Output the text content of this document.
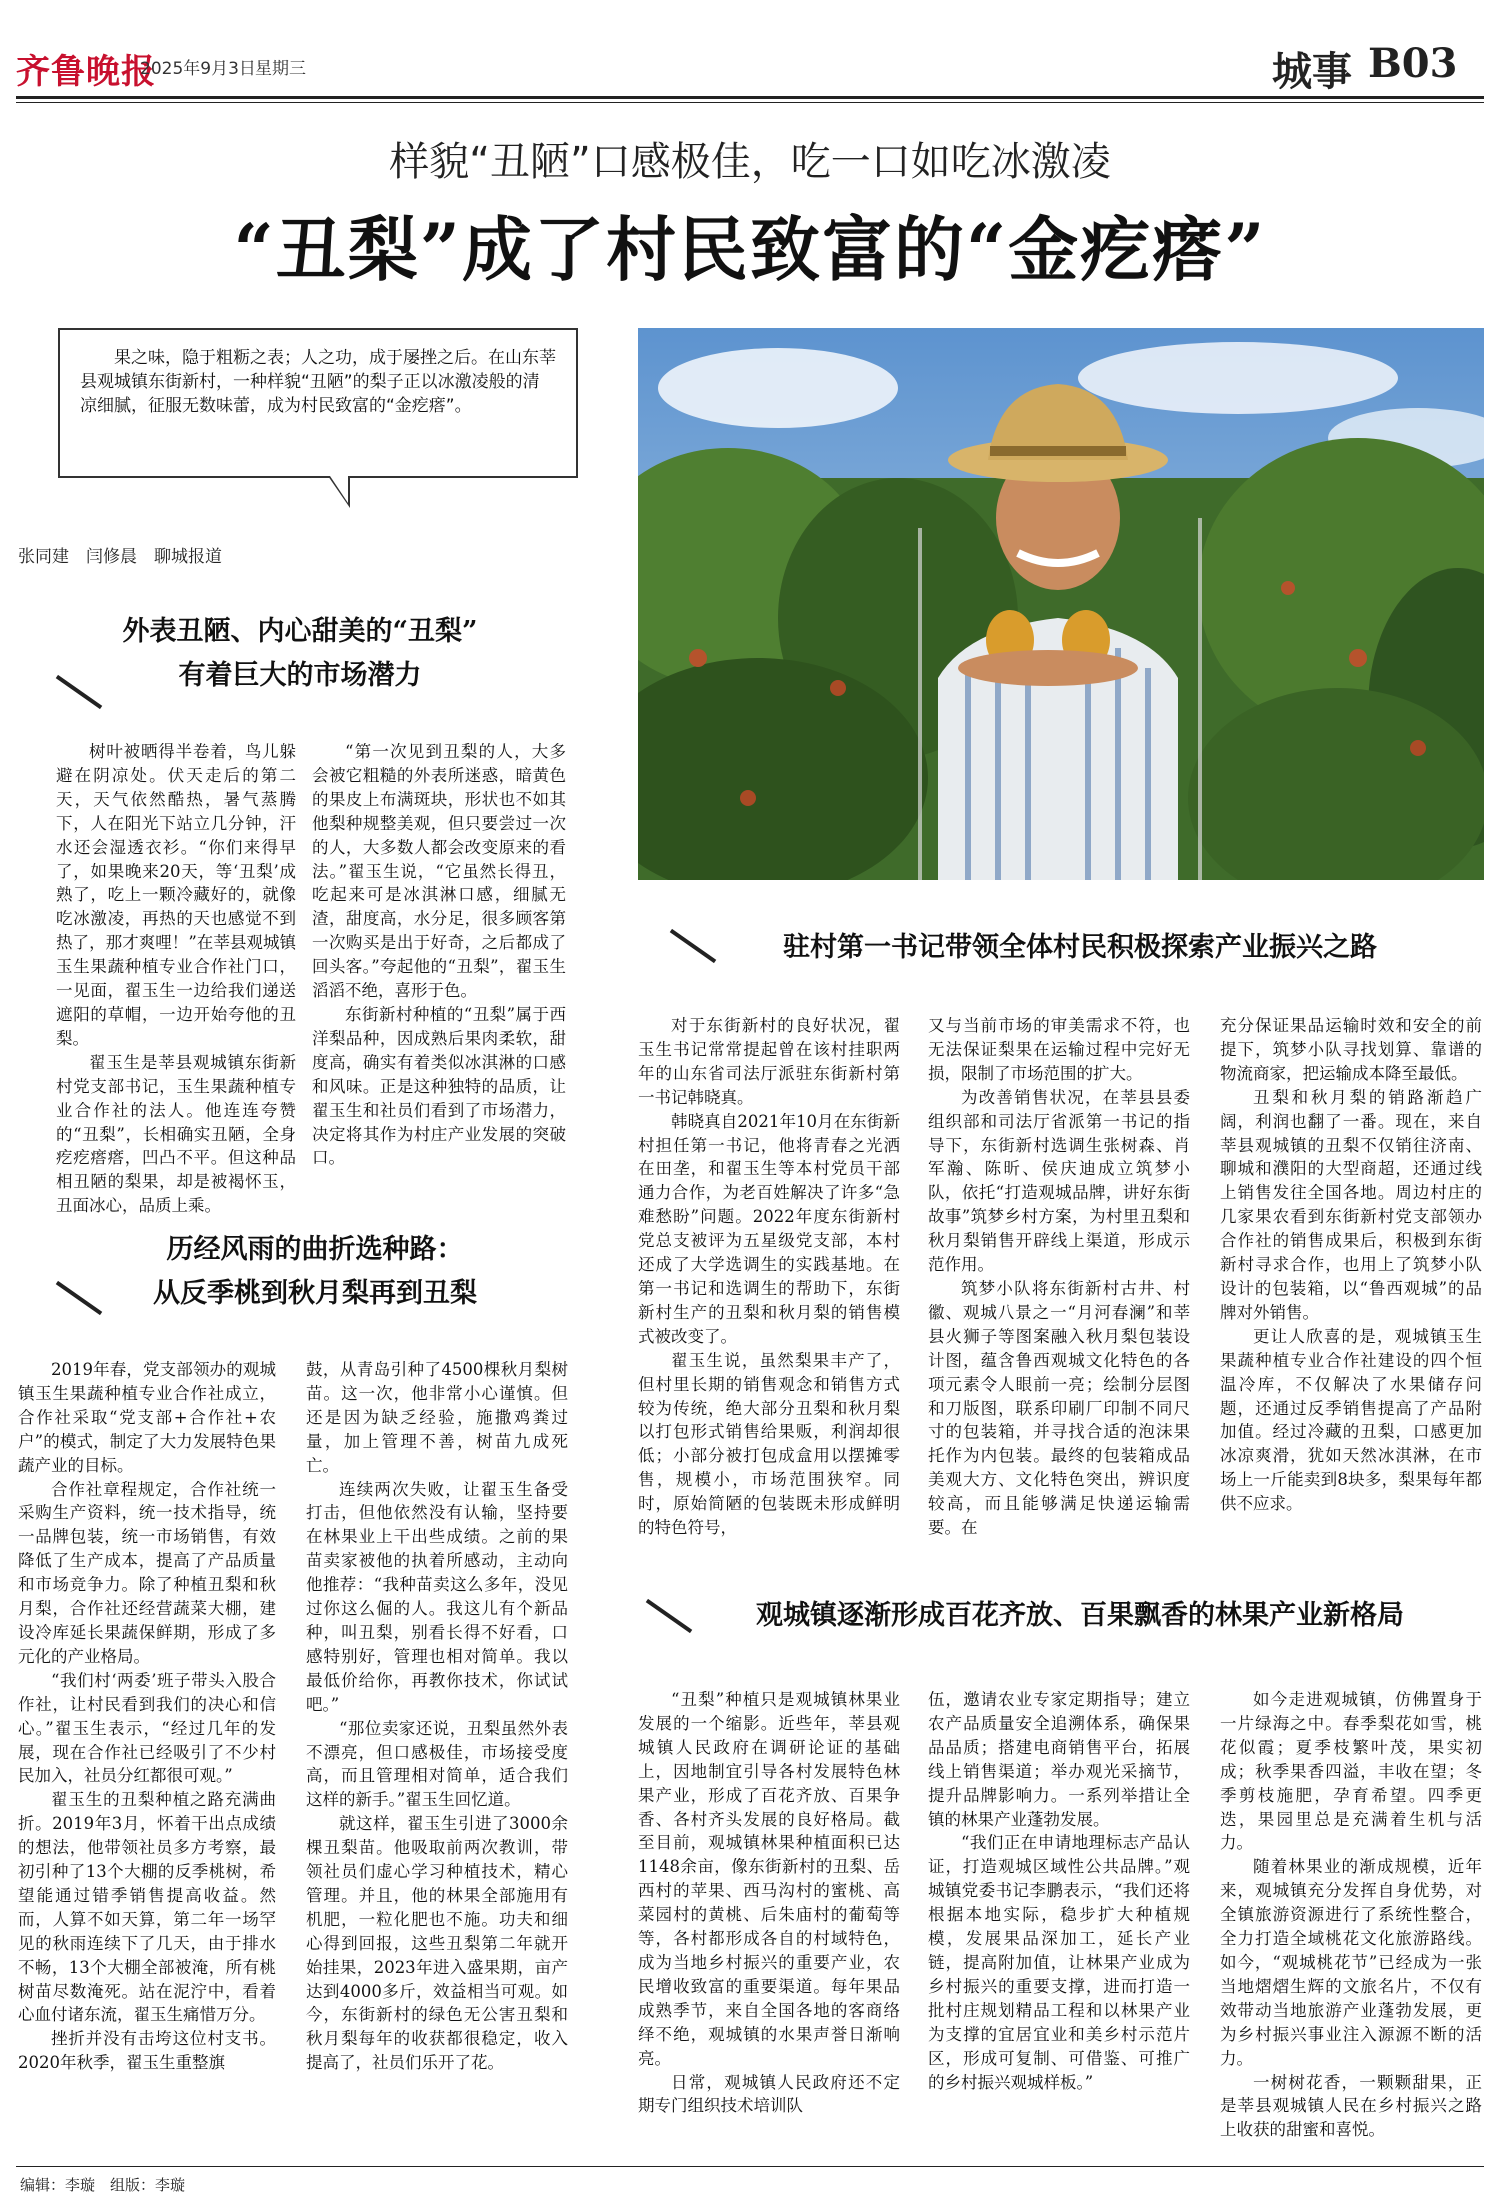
齐鲁晚报
2025年9月3日 星期三	城事 B03
样貌“丑陋”口感极佳，吃一口如吃冰激凌
“丑梨”成了村民致富的“金疙瘩”
果之味，隐于粗粝之表；人之功，成于屡挫之后。在山东莘县观城镇东街新村，一种样貌“丑陋”的梨子正以冰激凌般的清凉细腻，征服无数味蕾，成为村民致富的“金疙瘩”。
张同建　闫修晨　聊城报道
外表丑陋、内心甜美的“丑梨”
有着巨大的市场潜力

树叶被晒得半卷着，鸟儿躲避在阴凉处。伏天走后的第二天，天气依然酷热，暑气蒸腾下，人在阳光下站立几分钟，汗水还会湿透衣衫。“你们来得早了，如果晚来20天，等‘丑梨’成熟了，吃上一颗冷藏好的，就像吃冰激凌，再热的天也感觉不到热了，那才爽哩！”在莘县观城镇玉生果蔬种植专业合作社门口，一见面，翟玉生一边给我们递送遮阳的草帽，一边开始夸他的丑梨。

翟玉生是莘县观城镇东街新村党支部书记，玉生果蔬种植专业合作社的法人。他连连夸赞的“丑梨”，长相确实丑陋，全身疙疙瘩瘩，凹凸不平。但这种品相丑陋的梨果，却是被褐怀玉，丑面冰心，品质上乘。

“第一次见到丑梨的人，大多会被它粗糙的外表所迷惑，暗黄色的果皮上布满斑块，形状也不如其他梨种规整美观，但只要尝过一次的人，大多数人都会改变原来的看法。”翟玉生说，“它虽然长得丑，吃起来可是冰淇淋口感，细腻无渣，甜度高，水分足，很多顾客第一次购买是出于好奇，之后都成了回头客。”夸起他的“丑梨”，翟玉生滔滔不绝，喜形于色。

东街新村种植的“丑梨”属于西洋梨品种，因成熟后果肉柔软，甜度高，确实有着类似冰淇淋的口感和风味。正是这种独特的品质，让翟玉生和社员们看到了市场潜力，决定将其作为村庄产业发展的突破口。

历经风雨的曲折选种路：
从反季桃到秋月梨再到丑梨

2019年春，党支部领办的观城镇玉生果蔬种植专业合作社成立，合作社采取“党支部+合作社+农户”的模式，制定了大力发展特色果蔬产业的目标。

合作社章程规定，合作社统一采购生产资料，统一技术指导，统一品牌包装，统一市场销售，有效降低了生产成本，提高了产品质量和市场竞争力。除了种植丑梨和秋月梨，合作社还经营蔬菜大棚，建设冷库延长果蔬保鲜期，形成了多元化的产业格局。

“我们村‘两委’班子带头入股合作社，让村民看到我们的决心和信心。”翟玉生表示，“经过几年的发展，现在合作社已经吸引了不少村民加入，社员分红都很可观。”

翟玉生的丑梨种植之路充满曲折。2019年3月，怀着干出点成绩的想法，他带领社员多方考察，最初引种了13个大棚的反季桃树，希望能通过错季销售提高收益。然而，人算不如天算，第二年一场罕见的秋雨连续下了几天，由于排水不畅，13个大棚全部被淹，所有桃树苗尽数淹死。站在泥泞中，看着心血付诸东流，翟玉生痛惜万分。

挫折并没有击垮这位村支书。2020年秋季，翟玉生重整旗

鼓，从青岛引种了4500棵秋月梨树苗。这一次，他非常小心谨慎。但还是因为缺乏经验，施撒鸡粪过量，加上管理不善，树苗九成死亡。

连续两次失败，让翟玉生备受打击，但他依然没有认输，坚持要在林果业上干出些成绩。之前的果苗卖家被他的执着所感动，主动向他推荐：“我种苗卖这么多年，没见过你这么倔的人。我这儿有个新品种，叫丑梨，别看长得不好看，口感特别好，管理也相对简单。我以最低价给你，再教你技术，你试试吧。”

“那位卖家还说，丑梨虽然外表不漂亮，但口感极佳，市场接受度高，而且管理相对简单，适合我们这样的新手。”翟玉生回忆道。

就这样，翟玉生引进了3000余棵丑梨苗。他吸取前两次教训，带领社员们虚心学习种植技术，精心管理。并且，他的林果全部施用有机肥，一粒化肥也不施。功夫和细心得到回报，这些丑梨第二年就开始挂果，2023年进入盛果期，亩产达到4000多斤，效益相当可观。如今，东街新村的绿色无公害丑梨和秋月梨每年的收获都很稳定，收入提高了，社员们乐开了花。

驻村第一书记带领全体村民积极探索产业振兴之路

对于东街新村的良好状况，翟玉生书记常常提起曾在该村挂职两年的山东省司法厅派驻东街新村第一书记韩晓真。

韩晓真自2021年10月在东街新村担任第一书记，他将青春之光洒在田垄，和翟玉生等本村党员干部通力合作，为老百姓解决了许多“急难愁盼”问题。2022年度东街新村党总支被评为五星级党支部，本村还成了大学选调生的实践基地。在第一书记和选调生的帮助下，东街新村生产的丑梨和秋月梨的销售模式被改变了。

翟玉生说，虽然梨果丰产了，但村里长期的销售观念和销售方式较为传统，绝大部分丑梨和秋月梨以打包形式销售给果贩，利润却很低；小部分被打包成盒用以摆摊零售，规模小，市场范围狭窄。同时，原始简陋的包装既未形成鲜明的特色符号，

又与当前市场的审美需求不符，也无法保证梨果在运输过程中完好无损，限制了市场范围的扩大。

为改善销售状况，在莘县县委组织部和司法厅省派第一书记的指导下，东街新村选调生张树森、肖军瀚、陈昕、侯庆迪成立筑梦小队，依托“打造观城品牌，讲好东街故事”筑梦乡村方案，为村里丑梨和秋月梨销售开辟线上渠道，形成示范作用。

筑梦小队将东街新村古井、村徽、观城八景之一“月河春澜”和莘县火狮子等图案融入秋月梨包装设计图，蕴含鲁西观城文化特色的各项元素令人眼前一亮；绘制分层图和刀版图，联系印刷厂印制不同尺寸的包装箱，并寻找合适的泡沫果托作为内包装。最终的包装箱成品美观大方、文化特色突出，辨识度较高，而且能够满足快递运输需要。在

充分保证果品运输时效和安全的前提下，筑梦小队寻找划算、靠谱的物流商家，把运输成本降至最低。

丑梨和秋月梨的销路渐趋广阔，利润也翻了一番。现在，来自莘县观城镇的丑梨不仅销往济南、聊城和濮阳的大型商超，还通过线上销售发往全国各地。周边村庄的几家果农看到东街新村党支部领办合作社的销售成果后，积极到东街新村寻求合作，也用上了筑梦小队设计的包装箱，以“鲁西观城”的品牌对外销售。

更让人欣喜的是，观城镇玉生果蔬种植专业合作社建设的四个恒温冷库，不仅解决了水果储存问题，还通过反季销售提高了产品附加值。经过冷藏的丑梨，口感更加冰凉爽滑，犹如天然冰淇淋，在市场上一斤能卖到8块多，梨果每年都供不应求。

观城镇逐渐形成百花齐放、百果飘香的林果产业新格局

“丑梨”种植只是观城镇林果业发展的一个缩影。近些年，莘县观城镇人民政府在调研论证的基础上，因地制宜引导各村发展特色林果产业，形成了百花齐放、百果争香、各村齐头发展的良好格局。截至目前，观城镇林果种植面积已达1148余亩，像东街新村的丑梨、岳西村的苹果、西马沟村的蜜桃、高菜园村的黄桃、后朱庙村的葡萄等等，各村都形成各自的村域特色，成为当地乡村振兴的重要产业，农民增收致富的重要渠道。每年果品成熟季节，来自全国各地的客商络绎不绝，观城镇的水果声誉日渐响亮。

日常，观城镇人民政府还不定期专门组织技术培训队

伍，邀请农业专家定期指导；建立农产品质量安全追溯体系，确保果品品质；搭建电商销售平台，拓展线上销售渠道；举办观光采摘节，提升品牌影响力。一系列举措让全镇的林果产业蓬勃发展。

“我们正在申请地理标志产品认证，打造观城区域性公共品牌。”观城镇党委书记李鹏表示，“我们还将根据本地实际，稳步扩大种植规模，发展果品深加工，延长产业链，提高附加值，让林果产业成为乡村振兴的重要支撑，进而打造一批村庄规划精品工程和以林果产业为支撑的宜居宜业和美乡村示范片区，形成可复制、可借鉴、可推广的乡村振兴观城样板。”

如今走进观城镇，仿佛置身于一片绿海之中。春季梨花如雪，桃花似霞；夏季枝繁叶茂，果实初成；秋季果香四溢，丰收在望；冬季剪枝施肥，孕育希望。四季更迭，果园里总是充满着生机与活力。

随着林果业的渐成规模，近年来，观城镇充分发挥自身优势，对全镇旅游资源进行了系统性整合，全力打造全域桃花文化旅游路线。如今，“观城桃花节”已经成为一张当地熠熠生辉的文旅名片，不仅有效带动当地旅游产业蓬勃发展，更为乡村振兴事业注入源源不断的活力。

一树树花香，一颗颗甜果，正是莘县观城镇人民在乡村振兴之路上收获的甜蜜和喜悦。

编辑：李璇　组版：李璇
